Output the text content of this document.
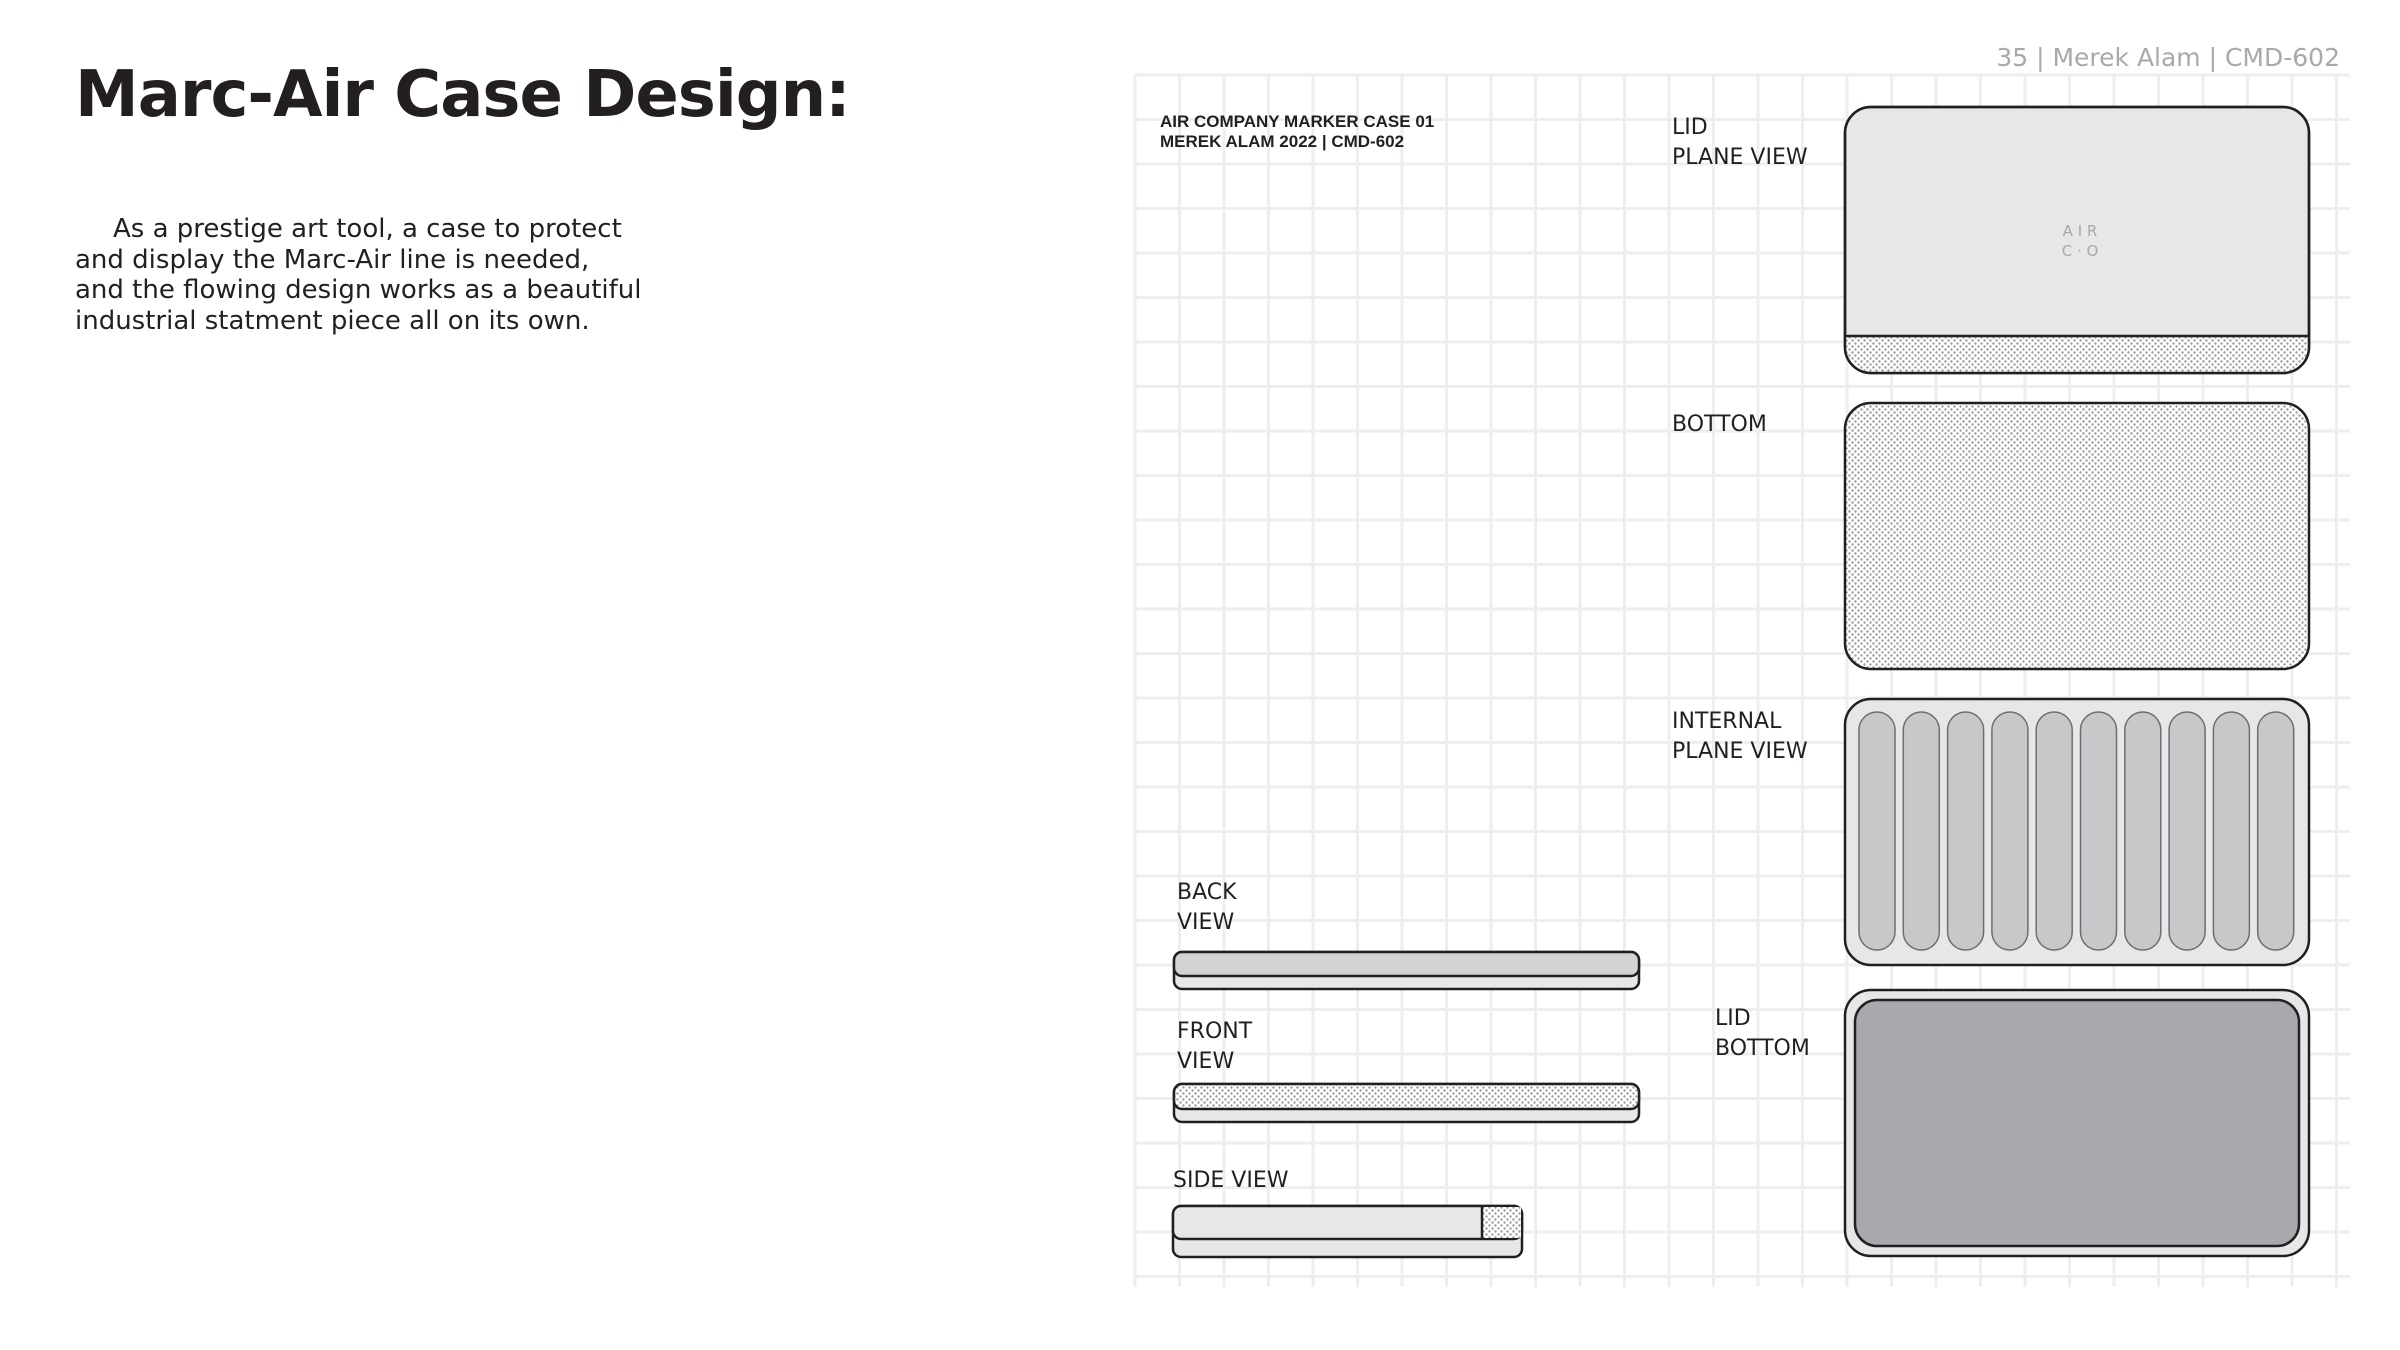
Marc-Air Case Design:
As a prestige art tool, a case to protect
and display the Marc-Air line is needed,
and the flowing design works as a beautiful
industrial statment piece all on its own.
35 | Merek Alam | CMD-602
AIR COMPANY MARKER CASE 01
MEREK ALAM 2022 | CMD-602
A I R
C · O
LID
PLANE VIEW
BOTTOM
INTERNAL
PLANE VIEW
LID
BOTTOM
BACK
VIEW
FRONT
VIEW
SIDE VIEW
